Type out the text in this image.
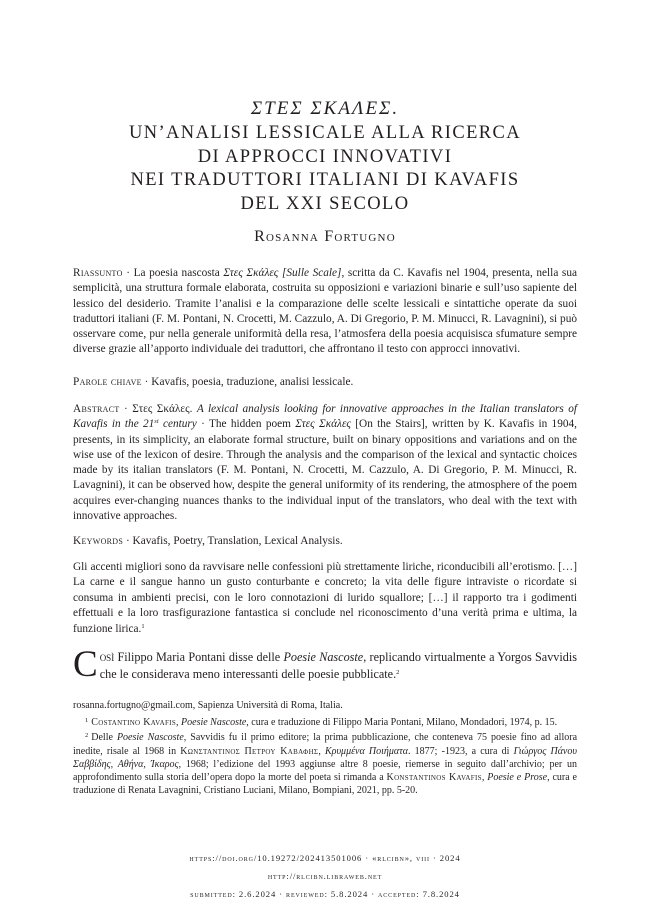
ΣΤΕΣ ΣΚΑΛΕΣ.
UN’ANALISI LESSICALE ALLA RICERCA
DI APPROCCI INNOVATIVI
NEI TRADUTTORI ITALIANI DI KAVAFIS
DEL XXI SECOLO
Rosanna Fortugno
Riassunto · La poesia nascosta Στες Σκάλες [Sulle Scale], scritta da C. Kavafis nel 1904, presenta, nella sua semplicità, una struttura formale elaborata, costruita su opposizioni e variazioni binarie e sull’uso sapiente del lessico del desiderio. Tramite l’analisi e la comparazione delle scelte lessicali e sintattiche operate da suoi traduttori italiani (F. M. Pontani, N. Crocetti, M. Cazzulo, A. Di Gregorio, P. M. Minucci, R. Lavagnini), si può osservare come, pur nella generale uniformità della resa, l’atmosfera della poesia acquisisca sfumature sempre diverse grazie all’apporto individuale dei traduttori, che affrontano il testo con approcci innovativi.
Parole chiave · Kavafis, poesia, traduzione, analisi lessicale.
Abstract · Στες Σκάλες. A lexical analysis looking for innovative approaches in the Italian translators of Kavafis in the 21st century · The hidden poem Στες Σκάλες [On the Stairs], written by K. Kavafis in 1904, presents, in its simplicity, an elaborate formal structure, built on binary oppositions and variations and on the wise use of the lexicon of desire. Through the analysis and the comparison of the lexical and syntactic choices made by its italian translators (F. M. Pontani, N. Crocetti, M. Cazzulo, A. Di Gregorio, P. M. Minucci, R. Lavagnini), it can be observed how, despite the general uniformity of its rendering, the atmosphere of the poem acquires ever-changing nuances thanks to the individual input of the translators, who deal with the text with innovative approaches.
Keywords · Kavafis, Poetry, Translation, Lexical Analysis.
Gli accenti migliori sono da ravvisare nelle confessioni più strettamente liriche, riconducibili all’erotismo. […] La carne e il sangue hanno un gusto conturbante e concreto; la vita delle figure intraviste o ricordate si consuma in ambienti precisi, con le loro connotazioni di lurido squallore; […] il rapporto tra i godimenti effettuali e la loro trasfigurazione fantastica si conclude nel riconoscimento d’una verità prima e ultima, la funzione lirica.$^1$
Così Filippo Maria Pontani disse delle Poesie Nascoste, replicando virtualmente a Yorgos Savvidis che le considerava meno interessanti delle poesie pubblicate.$^2$

rosanna.fortugno@gmail.com, Sapienza Università di Roma, Italia.

$^1$ Costantino Kavafis, Poesie Nascoste, cura e traduzione di Filippo Maria Pontani, Milano, Mondadori, 1974, p. 15.

$^2$ Delle Poesie Nascoste, Savvidis fu il primo editore; la prima pubblicazione, che conteneva 75 poesie fino ad allora inedite, risale al 1968 in Κωνσταντινος Πετρου Καβαφης, Κρυμμένα Ποιήματα. 1877; -1923, a cura di Γιώργος Πάνου Σαββίδης, Αθήνα, Ίκαρος, 1968; l’edizione del 1993 aggiunse altre 8 poesie, riemerse in seguito dall’archivio; per un approfondimento sulla storia dell’opera dopo la morte del poeta si rimanda a Konstantinos Kavafis, Poesie e Prose, cura e traduzione di Renata Lavagnini, Cristiano Luciani, Milano, Bompiani, 2021, pp. 5-20.

https://doi.org/10.19272/202413501006 · «rlcibn», viii · 2024
http://rlcibn.libraweb.net
submitted: 2.6.2024 · reviewed: 5.8.2024 · accepted: 7.8.2024
